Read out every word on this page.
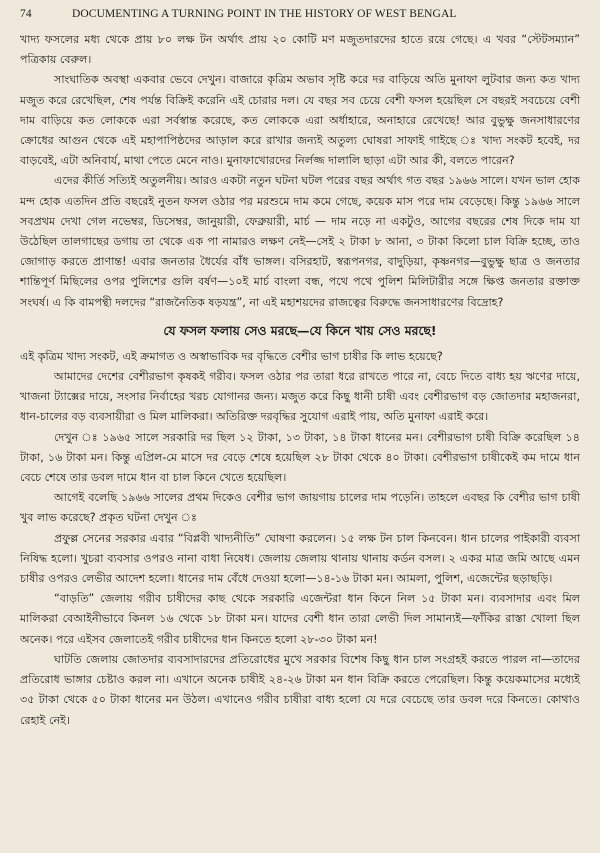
74	DOCUMENTING A TURNING POINT IN THE HISTORY OF WEST BENGAL

খাদ্য ফসলের মধ্য থেকে প্রায় ৮০ লক্ষ টন অর্থাৎ প্রায় ২০ কোটি মণ মজুতদারদের হাতে রয়ে গেছে। এ খবর “স্টেটসম্যান” পত্রিকায় বেরুল।

সাংঘাতিক অবস্থা একবার ভেবে দেখুন। বাজারে কৃত্রিম অভাব সৃষ্টি করে দর বাড়িয়ে অতি মুনাফা লুটবার জন্য কত খাদ্য মজুত করে রেখেছিল, শেষ পর্যন্ত বিক্রিই করেনি এই চোরার দল। যে বছর সব চেয়ে বেশী ফসল হয়েছিল সে বছরই সবচেয়ে বেশী দাম বাড়িয়ে কত লোককে এরা সর্বস্বান্ত করেছে, কত লোককে এরা অর্ধাহারে, অনাহারে রেখেছে! আর বুভুক্ষু জনসাধারণের ক্রোধের আগুন থেকে এই মহাপাপিষ্ঠদের আড়াল করে রাখার জন্যই অতুল্য ঘোষরা সাফাই গাইছে ঃ খাদ্য সংকট হবেই, দর বাড়বেই, এটা অনিবার্য, মাথা পেতে মেনে নাও। মুনাফাখোরদের নির্লজ্জ দালালি ছাড়া এটা আর কী, বলতে পারেন?

এদের কীর্তি সত্যিই অতুলনীয়। আরও একটা নতুন ঘটনা ঘটল পরের বছর অর্থাৎ গত বছর ১৯৬৬ সালে। যখন ভাল হোক মন্দ হোক এতদিন প্রতি বছরেই নুতন ফসল ওঠার পর মরশুমে দাম কমে গেছে, কয়েক মাস পরে দাম বেড়েছে। কিন্তু ১৯৬৬ সালে সবপ্রথম দেখা গেল নভেম্বর, ডিসেম্বর, জানুয়ারী, ফেব্রুয়ারী, মার্চ — দাম নড়ে না একটুও, আগের বছরের শেষ দিকে দাম যা উঠেছিল তালগাছের ডগায় তা থেকে এক পা নামারও লক্ষণ নেই—সেই ২ টাকা ৮ আনা, ৩ টাকা কিলো চাল বিক্রি হচ্ছে, তাও জোগাড় করতে প্রাণান্ত! এবার জনতার ধৈর্যের বাঁধ ভাঙ্গল। বসিরহাট, স্বরূপনগর, বাদুড়িয়া, কৃষ্ণনগর—বুভুক্ষু ছাত্র ও জনতার শান্তিপূর্ণ মিছিলের ওপর পুলিশের গুলি বর্ষণ—১০ই মার্চ বাংলা বন্ধ, পথে পথে পুলিশ মিলিটারীর সঙ্গে ক্ষিপ্ত জনতার রক্তাক্ত সংঘর্ষ। এ কি বামপন্থী দলদের “রাজনৈতিক ষড়যন্ত্র”, না এই মহাশয়দের রাজত্বের বিরুদ্ধে জনসাধারণের বিদ্রোহ?

যে ফসল ফলায় সেও মরছে—যে কিনে খায় সেও মরছে!

এই কৃত্রিম খাদ্য সংকট, এই ক্রমাগত ও অস্বাভাবিক দর বৃদ্ধিতে বেশীর ভাগ চাষীর কি লাভ হয়েছে?

আমাদের দেশের বেশীরভাগ কৃষকই গরীব। ফসল ওঠার পর তারা ধরে রাখতে পারে না, বেচে দিতে বাধ্য হয় ঋণের দায়ে, খাজনা ট্যাক্সের দায়ে, সংসার নির্বাহের খরচ যোগানর জন্য। মজুত করে কিছু ধানী চাষী এবং বেশীরভাগ বড় জোতদার মহাজনরা, ধান-চালের বড় ব্যবসায়ীরা ও মিল মালিকরা। অতিরিক্ত দরবৃদ্ধির সুযোগ এরাই পায়, অতি মুনাফা এরাই করে।

দেখুন ঃ ১৯৬৫ সালে সরকারি দর ছিল ১২ টাকা, ১৩ টাকা, ১৪ টাকা ধানের মন। বেশীরভাগ চাষী বিক্রি করেছিল ১৪ টাকা, ১৬ টাকা মন। কিন্তু এপ্রিল-মে মাসে দর বেড়ে শেষে হয়েছিল ২৮ টাকা থেকে ৪০ টাকা। বেশীরভাগ চাষীকেই কম দামে ধান বেচে শেষে তার ডবল দামে ধান বা চাল কিনে খেতে হয়েছিল।

আগেই বলেছি ১৯৬৬ সালের প্রথম দিকেও বেশীর ভাগ জায়গায় চালের দাম পড়েনি। তাহলে এবছর কি বেশীর ভাগ চাষী খুব লাভ করেছে? প্রকৃত ঘটনা দেখুন ঃ

প্রফুল্ল সেনের সরকার এবার “বিপ্লবী খাদ্যনীতি” ঘোষণা করলেন। ১৫ লক্ষ টন চাল কিনবেন। ধান চালের পাইকারী ব্যবসা নিষিদ্ধ হলো। খুচরা ব্যবসার ওপরও নানা বাধা নিষেধ। জেলায় জেলায় থানায় থানায় কর্ডন বসল। ২ একর মাত্র জমি আছে এমন চাষীর ওপরও লেভীর আদেশ হলো। ধানের দাম বেঁধে দেওয়া হলো—১৪-১৬ টাকা মন। আমলা, পুলিশ, এজেন্টের ছড়াছড়ি।

“বাড়তি” জেলায় গরীব চাষীদের কাছ থেকে সরকারি এজেন্টরা ধান কিনে নিল ১৫ টাকা মন। ব্যবসাদার এবং মিল মালিকরা বেআইনীভাবে কিনল ১৬ থেকে ১৮ টাকা মন। যাদের বেশী ধান তারা লেভী দিল সামান্যই—ফাঁকির রাস্তা খোলা ছিল অনেক। পরে এইসব জেলাতেই গরীব চাষীদের ধান কিনতে হলো ২৮-৩০ টাকা মন!

ঘাটতি জেলায় জোতদার ব্যবসাদারদের প্রতিরোধের মুখে সরকার বিশেষ কিছু ধান চাল সংগ্রহই করতে পারল না—তাদের প্রতিরোধ ভাঙ্গার চেষ্টাও করল না। এখানে অনেক চাষীই ২৪-২৬ টাকা মন ধান বিক্রি করতে পেরেছিল। কিন্তু কয়েকমাসের মধ্যেই ৩৫ টাকা থেকে ৫০ টাকা ধানের মন উঠল। এখানেও গরীব চাষীরা বাধ্য হলো যে দরে বেচেছে তার ডবল দরে কিনতে। কোথাও রেহাই নেই।
